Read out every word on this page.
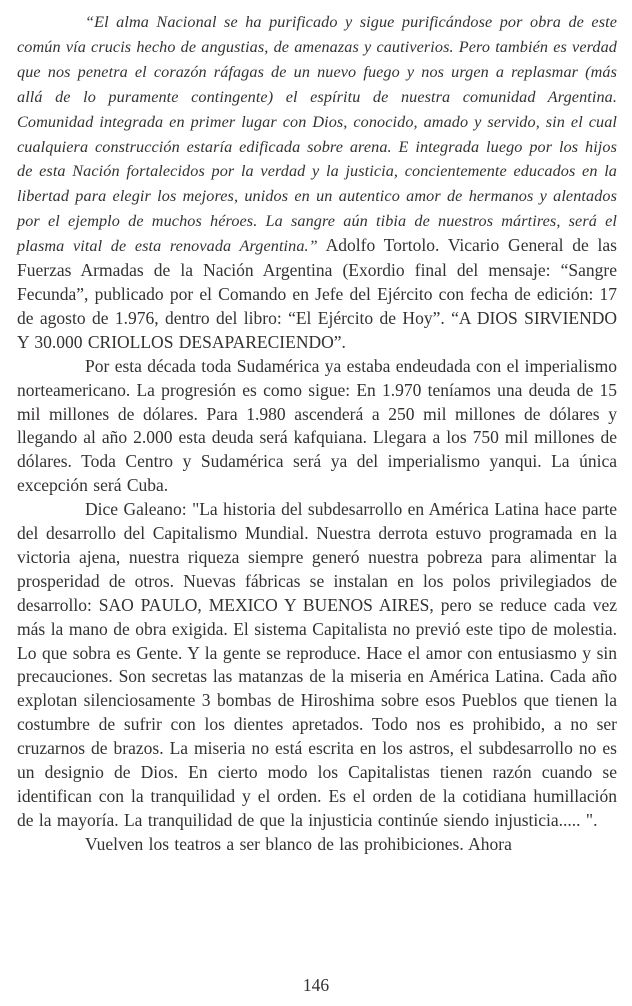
“El alma Nacional se ha purificado y sigue purificándose por obra de este común vía crucis hecho de angustias, de amenazas y cautiverios. Pero también es verdad que nos penetra el corazón ráfagas de un nuevo fuego y nos urgen a replasmar (más allá de lo puramente contingente) el espíritu de nuestra comunidad Argentina. Comunidad integrada en primer lugar con Dios, conocido, amado y servido, sin el cual cualquiera construcción estaría edificada sobre arena. E integrada luego por los hijos de esta Nación fortalecidos por la verdad y la justicia, concientemente educados en la libertad para elegir los mejores, unidos en un autentico amor de hermanos y alentados por el ejemplo de muchos héroes. La sangre aún tibia de nuestros mártires, será el plasma vital de esta renovada Argentina.” Adolfo Tortolo. Vicario General de las Fuerzas Armadas de la Nación Argentina (Exordio final del mensaje: “Sangre Fecunda”, publicado por el Comando en Jefe del Ejército con fecha de edición: 17 de agosto de 1.976, dentro del libro: “El Ejército de Hoy”. “A DIOS SIRVIENDO Y 30.000 CRIOLLOS DESAPARECIENDO”.

Por esta década toda Sudamérica ya estaba endeudada con el imperialismo norteamericano. La progresión es como sigue: En 1.970 teníamos una deuda de 15 mil millones de dólares. Para 1.980 ascenderá a 250 mil millones de dólares y llegando al año 2.000 esta deuda será kafquiana. Llegara a los 750 mil millones de dólares. Toda Centro y Sudamérica será ya del imperialismo yanqui. La única excepción será Cuba.

Dice Galeano: "La historia del subdesarrollo en América Latina hace parte del desarrollo del Capitalismo Mundial. Nuestra derrota estuvo programada en la victoria ajena, nuestra riqueza siempre generó nuestra pobreza para alimentar la prosperidad de otros. Nuevas fábricas se instalan en los polos privilegiados de desarrollo: SAO PAULO, MEXICO Y BUENOS AIRES, pero se reduce cada vez más la mano de obra exigida. El sistema Capitalista no previó este tipo de molestia. Lo que sobra es Gente. Y la gente se reproduce. Hace el amor con entusiasmo y sin precauciones. Son secretas las matanzas de la miseria en América Latina. Cada año explotan silenciosamente 3 bombas de Hiroshima sobre esos Pueblos que tienen la costumbre de sufrir con los dientes apretados. Todo nos es prohibido, a no ser cruzarnos de brazos. La miseria no está escrita en los astros, el subdesarrollo no es un designio de Dios. En cierto modo los Capitalistas tienen razón cuando se identifican con la tranquilidad y el orden. Es el orden de la cotidiana humillación de la mayoría. La tranquilidad de que la injusticia continúe siendo injusticia..... ".

Vuelven los teatros a ser blanco de las prohibiciones. Ahora

146
